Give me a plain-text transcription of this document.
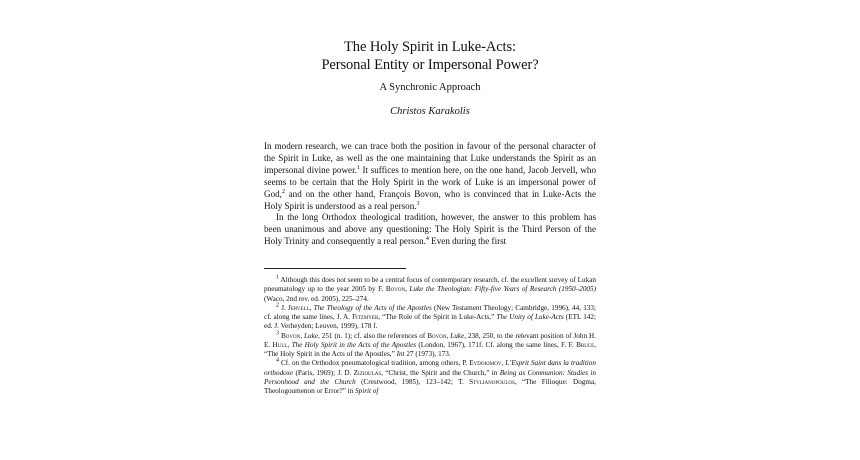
The Holy Spirit in Luke-Acts:
Personal Entity or Impersonal Power?
A Synchronic Approach
Christos Karakolis

In modern research, we can trace both the position in favour of the personal character of the Spirit in Luke, as well as the one maintaining that Luke understands the Spirit as an impersonal divine power.$^1$ It suffices to mention here, on the one hand, Jacob Jervell, who seems to be certain that the Holy Spirit in the work of Luke is an impersonal power of God,$^2$ and on the other hand, François Bovon, who is convinced that in Luke-Acts the Holy Spirit is understood as a real person.$^3$

In the long Orthodox theological tradition, however, the answer to this problem has been unanimous and above any questioning: The Holy Spirit is the Third Person of the Holy Trinity and consequently a real person.$^4$ Even during the first

$^1$ Although this does not seem to be a central focus of contemporary research, cf. the excellent survey of Lukan pneumatology up to the year 2005 by F. Bovon, Luke the Theologian: Fifty-five Years of Research (1950–2005) (Waco, 2nd rev. ed. 2005), 225–274.

$^2$ J. Jervell, The Theology of the Acts of the Apostles (New Testament Theology; Cambridge, 1996), 44, 133; cf. along the same lines, J. A. Fitzmyer, “The Role of the Spirit in Luke-Acts,” The Unity of Luke-Acts (ETL 142; ed. J. Verheyden; Leuven, 1999), 178 f.

$^3$ Bovon, Luke, 251 (n. 1); cf. also the references of Bovon, Luke, 238, 250, to the relevant position of John H. E. Hull, The Holy Spirit in the Acts of the Apostles (London, 1967), 171f. Cf. along the same lines, F. F. Bruce, “The Holy Spirit in the Acts of the Apostles,” Int 27 (1973), 173.

$^4$ Cf. on the Orthodox pneumatological tradition, among others, P. Evdokimov, L’Esprit Saint dans la tradition orthodoxe (Paris, 1969); J. D. Zizioulas, “Christ, the Spirit and the Church,” in Being as Communion: Studies in Personhood and the Church (Crestwood, 1985), 123–142; T. Stylianopoulos, “The Filioque: Dogma, Theologoumenon or Error?” in Spirit of
